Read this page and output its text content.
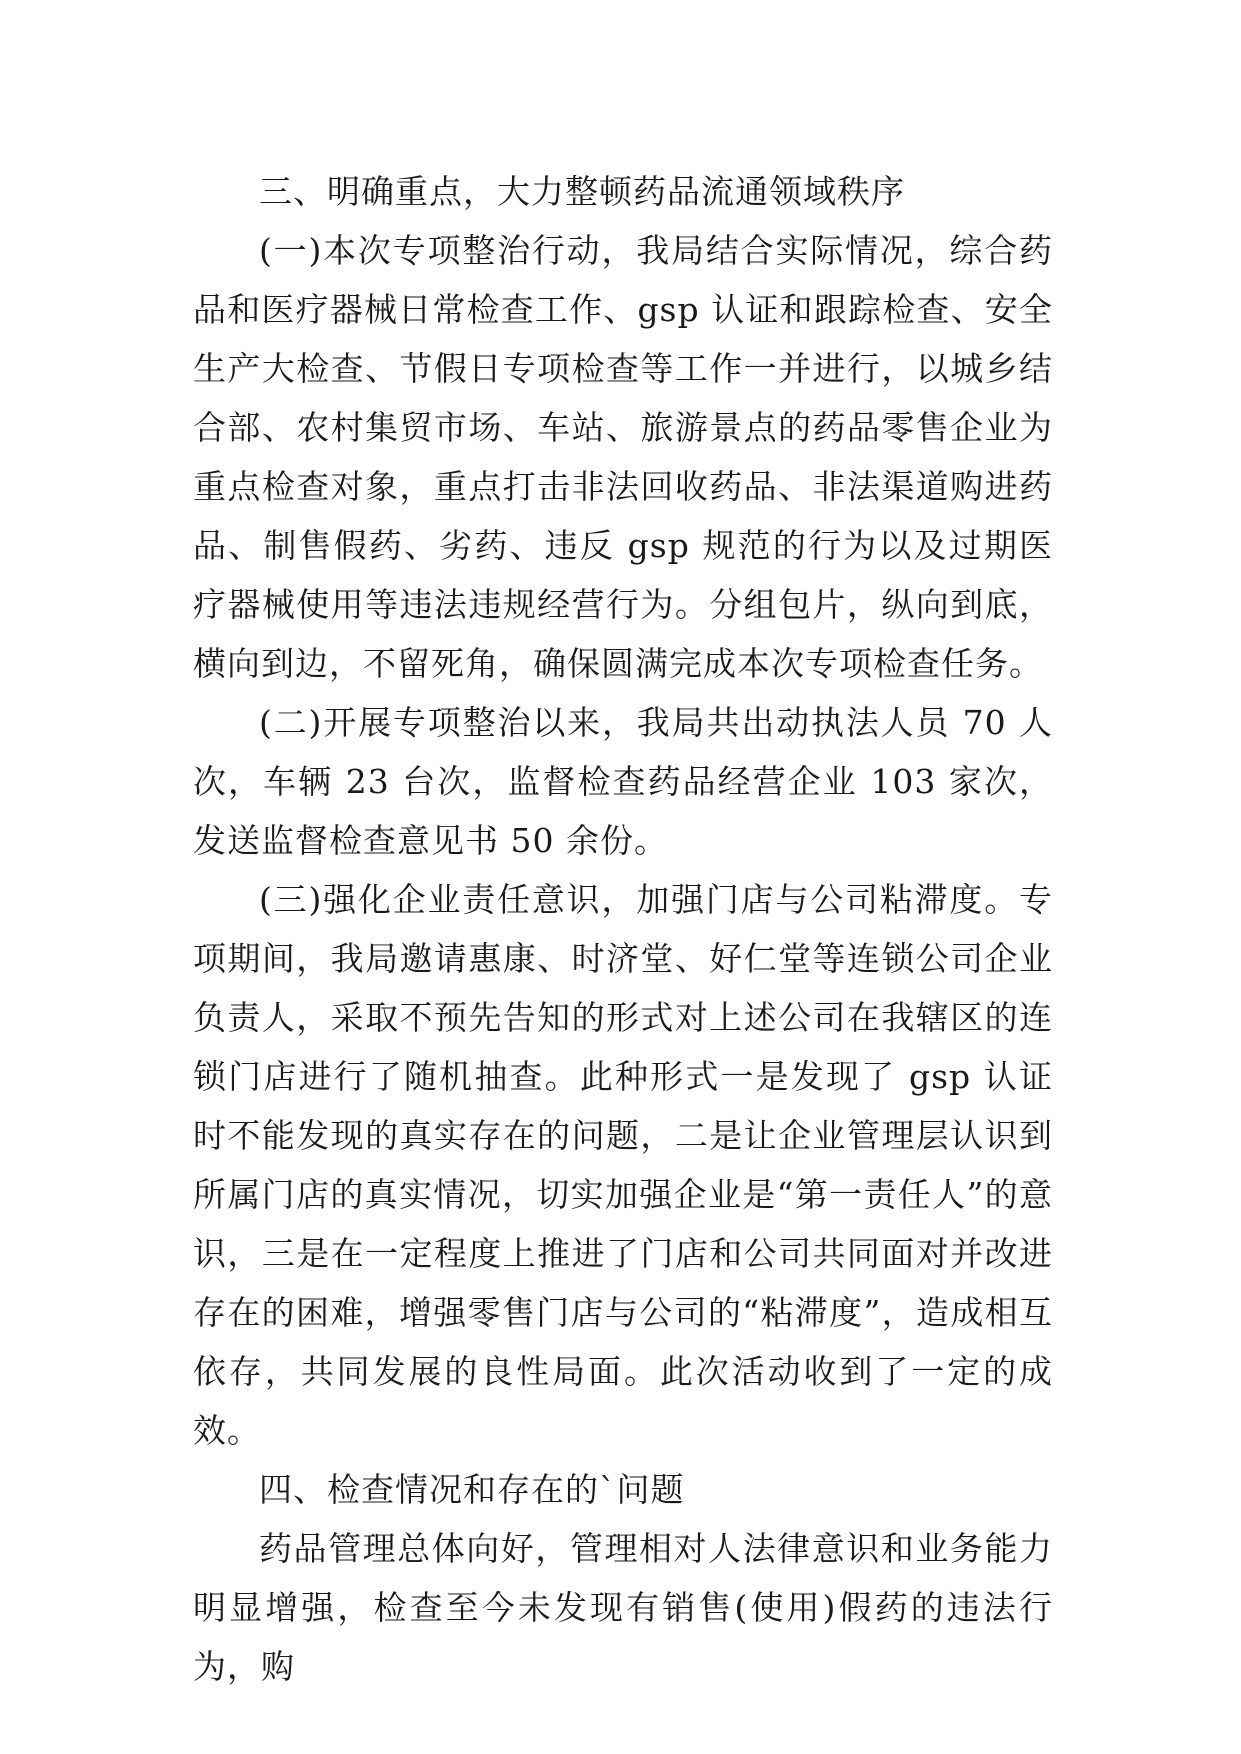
三、明确重点，大力整顿药品流通领域秩序

(一)本次专项整治行动，我局结合实际情况，综合药品和医疗器械日常检查工作、gsp 认证和跟踪检查、安全生产大检查、节假日专项检查等工作一并进行，以城乡结合部、农村集贸市场、车站、旅游景点的药品零售企业为重点检查对象，重点打击非法回收药品、非法渠道购进药品、制售假药、劣药、违反 gsp 规范的行为以及过期医疗器械使用等违法违规经营行为。分组包片，纵向到底，横向到边，不留死角，确保圆满完成本次专项检查任务。

(二)开展专项整治以来，我局共出动执法人员 70 人次，车辆 23 台次，监督检查药品经营企业 103 家次，发送监督检查意见书 50 余份。

(三)强化企业责任意识，加强门店与公司粘滞度。专项期间，我局邀请惠康、时济堂、好仁堂等连锁公司企业负责人，采取不预先告知的形式对上述公司在我辖区的连锁门店进行了随机抽查。此种形式一是发现了 gsp 认证时不能发现的真实存在的问题，二是让企业管理层认识到所属门店的真实情况，切实加强企业是“第一责任人”的意识，三是在一定程度上推进了门店和公司共同面对并改进存在的困难，增强零售门店与公司的“粘滞度”，造成相互依存，共同发展的良性局面。此次活动收到了一定的成效。

四、检查情况和存在的`问题

药品管理总体向好，管理相对人法律意识和业务能力明显增强，检查至今未发现有销售(使用)假药的违法行为，购
